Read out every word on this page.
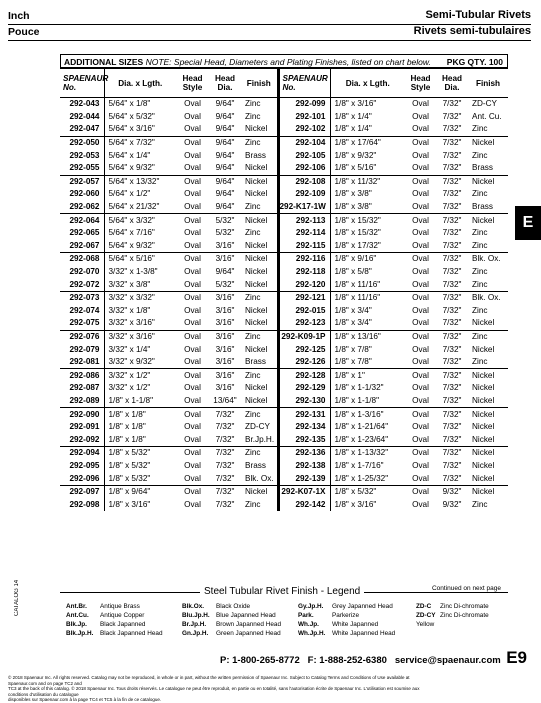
Inch
Pouce
Semi-Tubular Rivets
Rivets semi-tubulaires
ADDITIONAL SIZES NOTE: Special Head, Diameters and Plating Finishes, listed on chart below. PKG QTY. 100
SPAENAUR No.	Dia. x Lgth.	Head Style	Head Dia.	Finish	SPAENAUR No.	Dia. x Lgth.	Head Style	Head Dia.	Finish
292-043	5/64" x 1/8"	Oval	9/64"	Zinc	292-099	1/8" x 3/16"	Oval	7/32"	ZD-CY
292-044	5/64" x 5/32"	Oval	9/64"	Zinc	292-101	1/8" x 1/4"	Oval	7/32"	Ant. Cu.
292-047	5/64" x 3/16"	Oval	9/64"	Nickel	292-102	1/8" x 1/4"	Oval	7/32"	Zinc
292-050	5/64" x 7/32"	Oval	9/64"	Zinc	292-104	1/8" x 17/64"	Oval	7/32"	Nickel
292-053	5/64" x 1/4"	Oval	9/64"	Brass	292-105	1/8" x 9/32"	Oval	7/32"	Zinc
292-055	5/64" x 9/32"	Oval	9/64"	Nickel	292-106	1/8" x 5/16"	Oval	7/32"	Brass
292-057	5/64" x 13/32"	Oval	9/64"	Nickel	292-108	1/8" x 11/32"	Oval	7/32"	Nickel
292-060	5/64" x 1/2"	Oval	9/64"	Nickel	292-109	1/8" x 3/8"	Oval	7/32"	Zinc
292-062	5/64" x 21/32"	Oval	9/64"	Zinc	292-K17-1W	1/8" x 3/8"	Oval	7/32"	Brass
292-064	5/64" x 3/32"	Oval	5/32"	Nickel	292-113	1/8" x 15/32"	Oval	7/32"	Nickel
292-065	5/64" x 7/16"	Oval	5/32"	Zinc	292-114	1/8" x 15/32"	Oval	7/32"	Zinc
292-067	5/64" x 9/32"	Oval	3/16"	Nickel	292-115	1/8" x 17/32"	Oval	7/32"	Zinc
292-068	5/64" x 5/16"	Oval	3/16"	Nickel	292-116	1/8" x 9/16"	Oval	7/32"	Blk. Ox.
292-070	3/32" x 1-3/8"	Oval	9/64"	Nickel	292-118	1/8" x 5/8"	Oval	7/32"	Zinc
292-072	3/32" x 3/8"	Oval	5/32"	Nickel	292-120	1/8" x 11/16"	Oval	7/32"	Zinc
292-073	3/32" x 3/32"	Oval	3/16"	Zinc	292-121	1/8" x 11/16"	Oval	7/32"	Blk. Ox.
292-074	3/32" x 1/8"	Oval	3/16"	Nickel	292-015	1/8" x 3/4"	Oval	7/32"	Zinc
292-075	3/32" x 3/16"	Oval	3/16"	Nickel	292-123	1/8" x 3/4"	Oval	7/32"	Nickel
292-076	3/32" x 3/16"	Oval	3/16"	Zinc	292-K09-1P	1/8" x 13/16"	Oval	7/32"	Zinc
292-079	3/32" x 1/4"	Oval	3/16"	Nickel	292-125	1/8" x 7/8"	Oval	7/32"	Nickel
292-081	3/32" x 9/32"	Oval	3/16"	Brass	292-126	1/8" x 7/8"	Oval	7/32"	Zinc
292-086	3/32" x 1/2"	Oval	3/16"	Zinc	292-128	1/8" x 1"	Oval	7/32"	Nickel
292-087	3/32" x 1/2"	Oval	3/16"	Nickel	292-129	1/8" x 1-1/32"	Oval	7/32"	Nickel
292-089	1/8" x 1-1/8"	Oval	13/64"	Nickel	292-130	1/8" x 1-1/8"	Oval	7/32"	Nickel
292-090	1/8" x 1/8"	Oval	7/32"	Zinc	292-131	1/8" x 1-3/16"	Oval	7/32"	Nickel
292-091	1/8" x 1/8"	Oval	7/32"	ZD-CY	292-134	1/8" x 1-21/64"	Oval	7/32"	Nickel
292-092	1/8" x 1/8"	Oval	7/32"	Br.Jp.H.	292-135	1/8" x 1-23/64"	Oval	7/32"	Nickel
292-094	1/8" x 5/32"	Oval	7/32"	Zinc	292-136	1/8" x 1-13/32"	Oval	7/32"	Nickel
292-095	1/8" x 5/32"	Oval	7/32"	Brass	292-138	1/8" x 1-7/16"	Oval	7/32"	Nickel
292-096	1/8" x 5/32"	Oval	7/32"	Blk. Ox.	292-139	1/8" x 1-25/32"	Oval	7/32"	Nickel
292-097	1/8" x 9/64"	Oval	7/32"	Nickel	292-K07-1X	1/8" x 5/32"	Oval	9/32"	Nickel
292-098	1/8" x 3/16"	Oval	7/32"	Zinc	292-142	1/8" x 3/16"	Oval	9/32"	Zinc
E
CATALOG 14	Continued on next page
Steel Tubular Rivet Finish - Legend
Ant.Br. Antique Brass
Ant.Cu. Antique Copper
Blk.Jp. Black Japanned
Blk.Jp.H. Black Japanned Head
Blk.Ox. Black Oxide
Blu.Jp.H. Blue Japanned Head
Br.Jp.H. Brown Japanned Head
Gn.Jp.H. Green Japanned Head
Gy.Jp.H. Grey Japanned Head
Park.	Parkerize
Wh.Jp. White Japanned
Wh.Jp.H. White Japanned Head
ZD-C Zinc Di-chromate
ZD-CY Zinc Di-chromate Yellow
P: 1-800-265-8772 F: 1-888-252-6380 service@spaenaur.com E9
© 2018 Spaenaur Inc. All rights reserved. Catalog may not be reproduced, in whole or in part, without the written permission of Spaenaur Inc. Subject to Catalog Terms and Conditions of Use available at Spaenaur.com and on page TC2 and
TC3 at the back of this catalog. © 2018 Spaenaur Inc. Tous droits réservés. Le catalogue ne peut être reproduit, en partie ou en totalité, sans l'autorisation écrite de Spaenaur Inc. L'utilisation est soumise aux conditions d'utilisation du catalogue
disponibles sur Spaenaur.com à la page TC4 et TC5 à la fin de ce catalogue.
